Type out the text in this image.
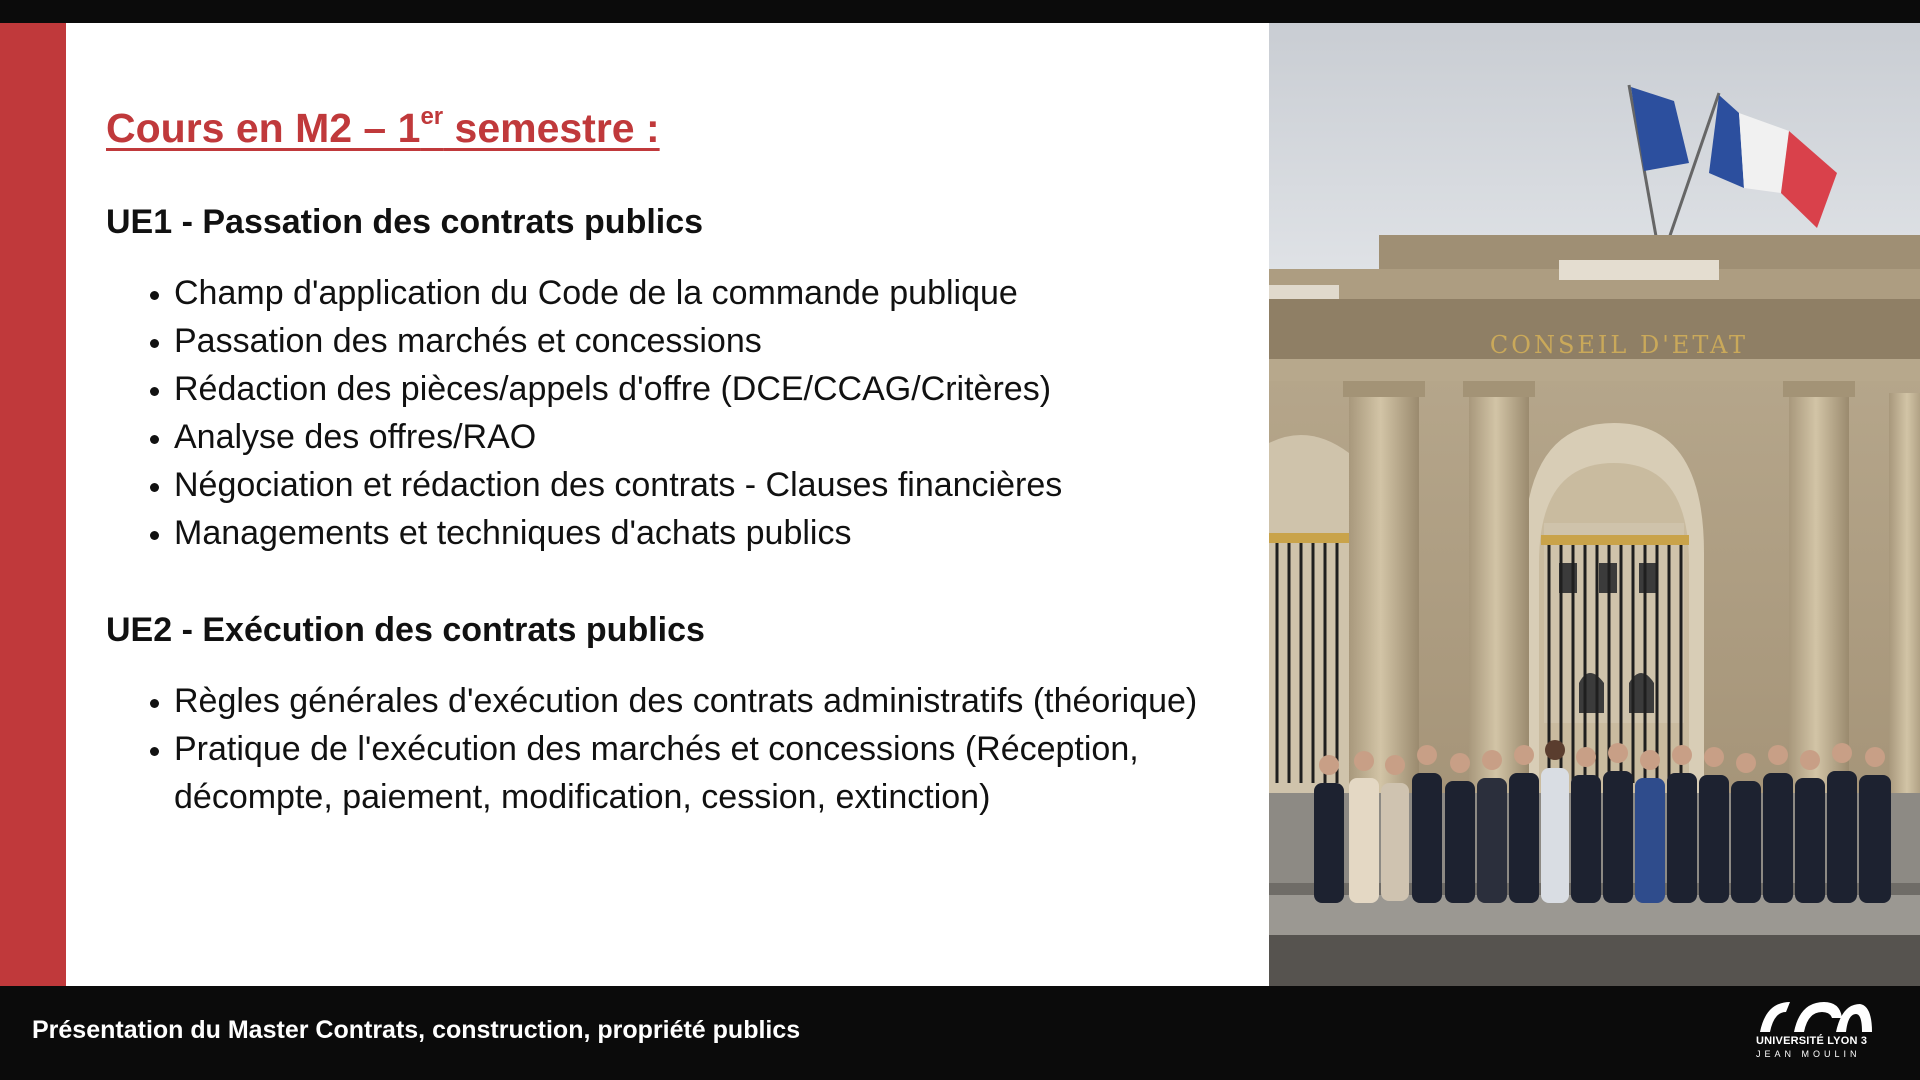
Cours en M2 – 1er semestre :
UE1 - Passation des contrats publics
• Champ d'application du Code de la commande publique
• Passation des marchés et concessions
• Rédaction des pièces/appels d'offre (DCE/CCAG/Critères)
• Analyse des offres/RAO
• Négociation et rédaction des contrats - Clauses financières
• Managements et techniques d'achats publics
UE2 - Exécution des contrats publics
• Règles générales d'exécution des contrats administratifs (théorique)
• Pratique de l'exécution des marchés et concessions (Réception, décompte, paiement, modification, cession, extinction)
CONSEIL D'ETAT
Présentation du Master Contrats, construction, propriété publics	UNIVERSITÉ LYON 3
JEAN MOULIN
